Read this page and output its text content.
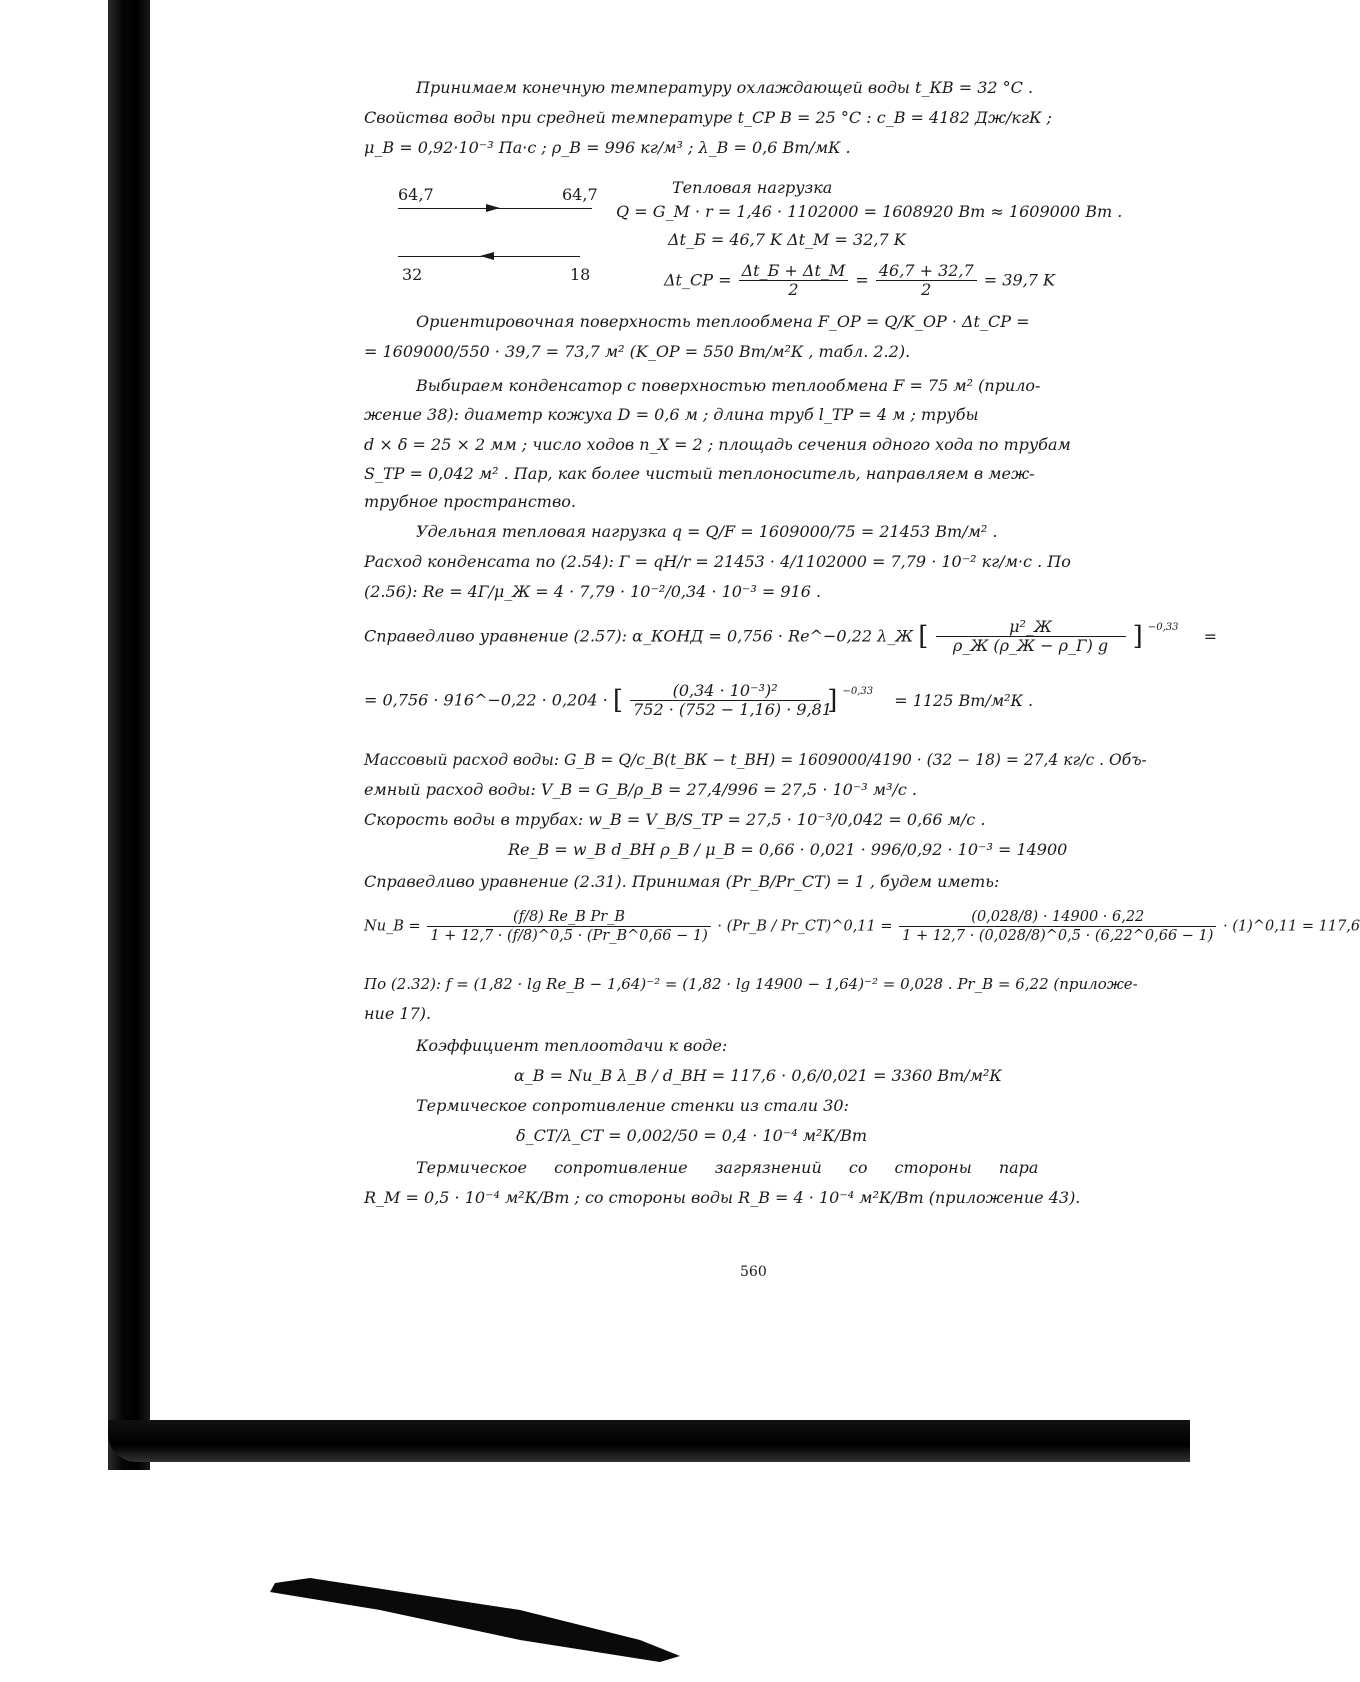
Принимаем конечную температуру охлаждающей воды t_КВ = 32 °С .
Свойства воды при средней температуре t_СР В = 25 °С : c_В = 4182 Дж/кгК ;
μ_В = 0,92·10⁻³ Па·с ; ρ_В = 996 кг/м³ ; λ_В = 0,6 Вт/мК .
64,7	64,7
32	18
Тепловая нагрузка
Q = G_М · r = 1,46 · 1102000 = 1608920 Вт ≈ 1609000 Вт .
Δt_Б = 46,7 K Δt_М = 32,7 K
Δt_СР = $\frac{\Delta t\_Б + \Delta t\_М}{2} = \frac{46,7 + 32,7}{2} = 39,7$ K
Ориентировочная поверхность теплообмена F_ОР = Q/K_ОР · Δt_СР =
= 1609000/550 · 39,7 = 73,7 м² (K_ОР = 550 Вт/м²К , табл. 2.2).
Выбираем конденсатор с поверхностью теплообмена F = 75 м² (прило-
жение 38): диаметр кожуха D = 0,6 м ; длина труб l_ТР = 4 м ; трубы
d × δ = 25 × 2 мм ; число ходов n_Х = 2 ; площадь сечения одного хода по трубам
S_ТР = 0,042 м² . Пар, как более чистый теплоноситель, направляем в меж-
трубное пространство.
Удельная тепловая нагрузка q = Q/F = 1609000/75 = 21453 Вт/м² .
Расход конденсата по (2.54): Г = qH/r = 21453 · 4/1102000 = 7,79 · 10⁻² кг/м·с . По
(2.56): Re = 4Г/μ_Ж = 4 · 7,79 · 10⁻²/0,34 · 10⁻³ = 916 .
Справедливо уравнение (2.57): α_КОНД = 0,756 · Re^−0,22 λ_Ж [ $\frac{\text{μ²\_Ж}}{\rho\_Ж (\rho\_Ж - \rho\_Г) g}$ ] $^{-0,33}$ =
= 0,756 · 916^−0,22 · 0,204 · [ $\frac{\text{(0,34 · 10⁻³)²}}{752 \cdot (752 - 1,16) \cdot 9,81}$ ] $^{-0,33}$ = 1125 Вт/м²К .
Массовый расход воды: G_В = Q/c_В(t_ВК − t_ВН) = 1609000/4190 · (32 − 18) = 27,4 кг/с . Объ-
емный расход воды: V_В = G_В/ρ_В = 27,4/996 = 27,5 · 10⁻³ м³/с .
Скорость воды в трубах: w_В = V_В/S_ТР = 27,5 · 10⁻³/0,042 = 0,66 м/с .
Re_В = w_В d_ВН ρ_В / μ_В = 0,66 · 0,021 · 996/0,92 · 10⁻³ = 14900
Справедливо уравнение (2.31). Принимая (Pr_В/Pr_СТ) = 1 , будем иметь:
Nu_В = $\frac{\text{(f/8) Re\_В Pr\_В}}{1 + 12,7 \cdot (f/8)\^{}0,5 \cdot (Pr\_В\^{}0,66 - 1)}$ · (Pr_В / Pr_СТ)^0,11 = $\frac{(0,028/8) \cdot 14900 \cdot 6,22}{1 + 12,7 \cdot (0,028/8)\^{}0,5 \cdot (6,22\^{}0,66 - 1)}$ · (1)^0,11 = 117,6
По (2.32): f = (1,82 · lg Re_В − 1,64)⁻² = (1,82 · lg 14900 − 1,64)⁻² = 0,028 . Pr_В = 6,22 (приложе-
ние 17).
Коэффициент теплоотдачи к воде:
α_В = Nu_В λ_В / d_ВН = 117,6 · 0,6/0,021 = 3360 Вт/м²К
Термическое сопротивление стенки из стали 30:
δ_СТ/λ_СТ = 0,002/50 = 0,4 · 10⁻⁴ м²К/Вт
Термическое сопротивление загрязнений со стороны пара
R_М = 0,5 · 10⁻⁴ м²К/Вт ; со стороны воды R_В = 4 · 10⁻⁴ м²К/Вт (приложение 43).
560
